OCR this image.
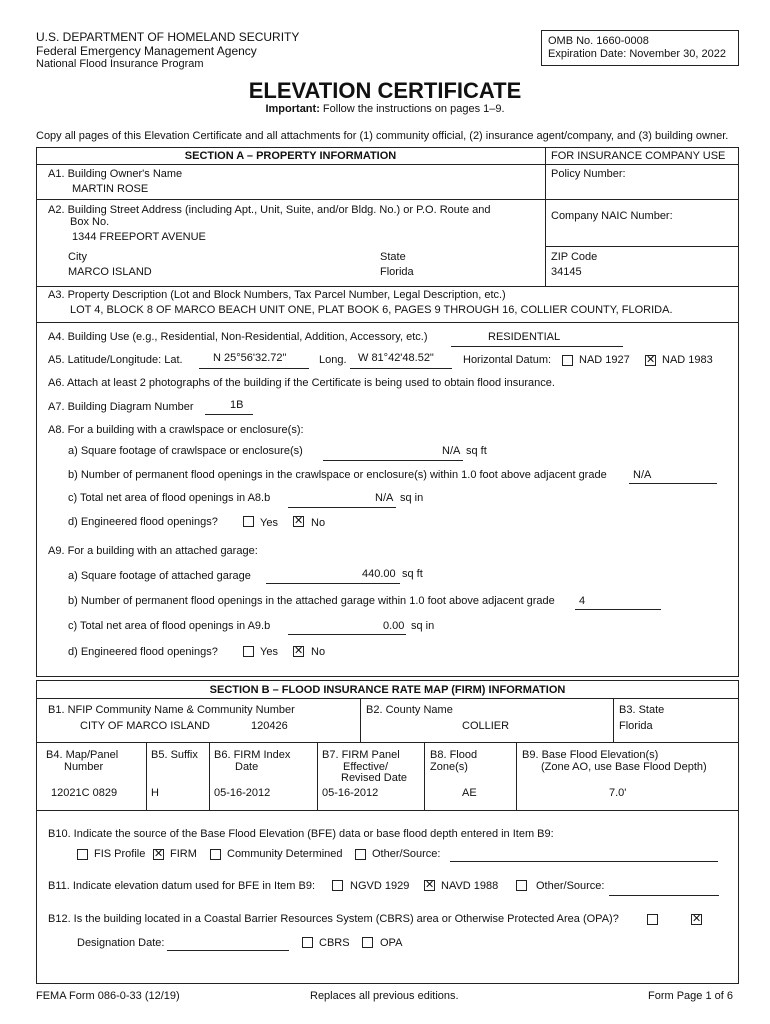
U.S. DEPARTMENT OF HOMELAND SECURITY
Federal Emergency Management Agency
National Flood Insurance Program
OMB No. 1660-0008
Expiration Date: November 30, 2022
ELEVATION CERTIFICATE
Important: Follow the instructions on pages 1–9.
Copy all pages of this Elevation Certificate and all attachments for (1) community official, (2) insurance agent/company, and (3) building owner.
SECTION A – PROPERTY INFORMATION	FOR INSURANCE COMPANY USE
A1. Building Owner's Name
MARTIN ROSE
Policy Number:
A2. Building Street Address (including Apt., Unit, Suite, and/or Bldg. No.) or P.O. Route and
Box No.
1344 FREEPORT AVENUE
Company NAIC Number:
City
MARCO ISLAND
State
Florida
ZIP Code
34145
A3. Property Description (Lot and Block Numbers, Tax Parcel Number, Legal Description, etc.)
LOT 4, BLOCK 8 OF MARCO BEACH UNIT ONE, PLAT BOOK 6, PAGES 9 THROUGH 16, COLLIER COUNTY, FLORIDA.
A4. Building Use (e.g., Residential, Non-Residential, Addition, Accessory, etc.)	RESIDENTIAL
A5. Latitude/Longitude: Lat.	N 25°56'32.72"	Long. W 81°42'48.52"	Horizontal Datum:	NAD 1927 ✕ NAD 1983
A6. Attach at least 2 photographs of the building if the Certificate is being used to obtain flood insurance.
A7. Building Diagram Number	1B
A8. For a building with a crawlspace or enclosure(s):
a) Square footage of crawlspace or enclosure(s)	N/A sq ft
b) Number of permanent flood openings in the crawlspace or enclosure(s) within 1.0 foot above adjacent grade N/A
c) Total net area of flood openings in A8.b	N/A sq in
d) Engineered flood openings?	Yes ✕ No
A9. For a building with an attached garage:
a) Square footage of attached garage	440.00 sq ft
b) Number of permanent flood openings in the attached garage within 1.0 foot above adjacent grade 4
c) Total net area of flood openings in A9.b	0.00 sq in
d) Engineered flood openings?	Yes ✕ No
SECTION B – FLOOD INSURANCE RATE MAP (FIRM) INFORMATION
B1. NFIP Community Name & Community Number
CITY OF MARCO ISLAND	120426
B2. County Name
COLLIER
B3. State
Florida
B4. Map/Panel
Number
12021C 0829
B5. Suffix
H
B6. FIRM Index
Date
05-16-2012
B7. FIRM Panel
Effective/
Revised Date
05-16-2012
B8. Flood
Zone(s)
AE
B9. Base Flood Elevation(s)
(Zone AO, use Base Flood Depth)
7.0'
B10. Indicate the source of the Base Flood Elevation (BFE) data or base flood depth entered in Item B9:
FIS Profile ✕ FIRM	Community Determined	Other/Source:
B11. Indicate elevation datum used for BFE in Item B9:	NGVD 1929 ✕ NAVD 1988	Other/Source:
B12. Is the building located in a Coastal Barrier Resources System (CBRS) area or Otherwise Protected Area (OPA)?	✕
Designation Date:	CBRS	OPA
FEMA Form 086-0-33 (12/19)	Replaces all previous editions.	Form Page 1 of 6
